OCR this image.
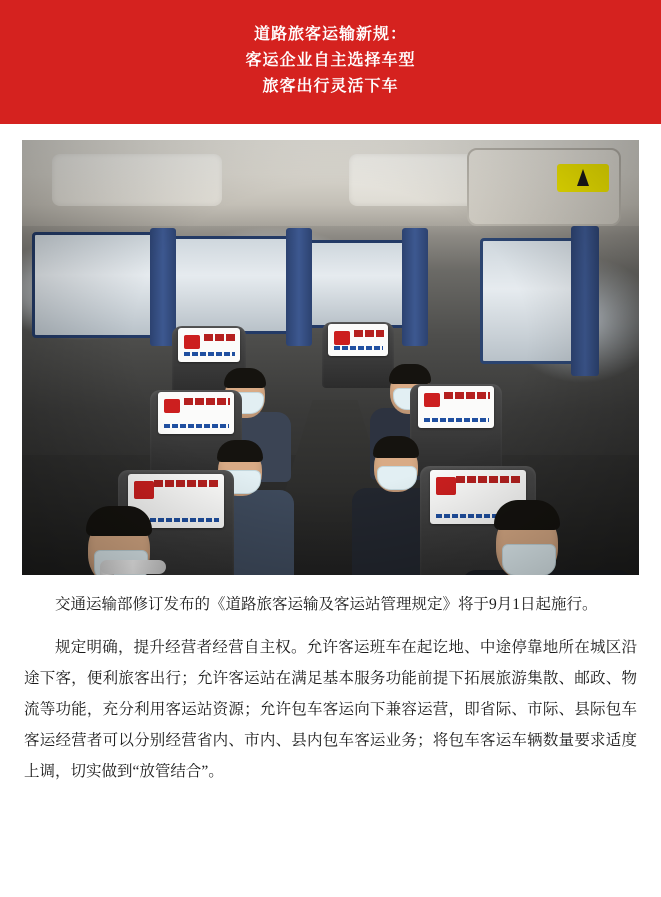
道路旅客运输新规：
客运企业自主选择车型
旅客出行灵活下车

交通运输部修订发布的《道路旅客运输及客运站管理规定》将于9月1日起施行。

规定明确，提升经营者经营自主权。允许客运班车在起讫地、中途停靠地所在城区沿途下客，便利旅客出行；允许客运站在满足基本服务功能前提下拓展旅游集散、邮政、物流等功能，充分利用客运站资源；允许包车客运向下兼容运营，即省际、市际、县际包车客运经营者可以分别经营省内、市内、县内包车客运业务；将包车客运车辆数量要求适度上调，切实做到“放管结合”。
